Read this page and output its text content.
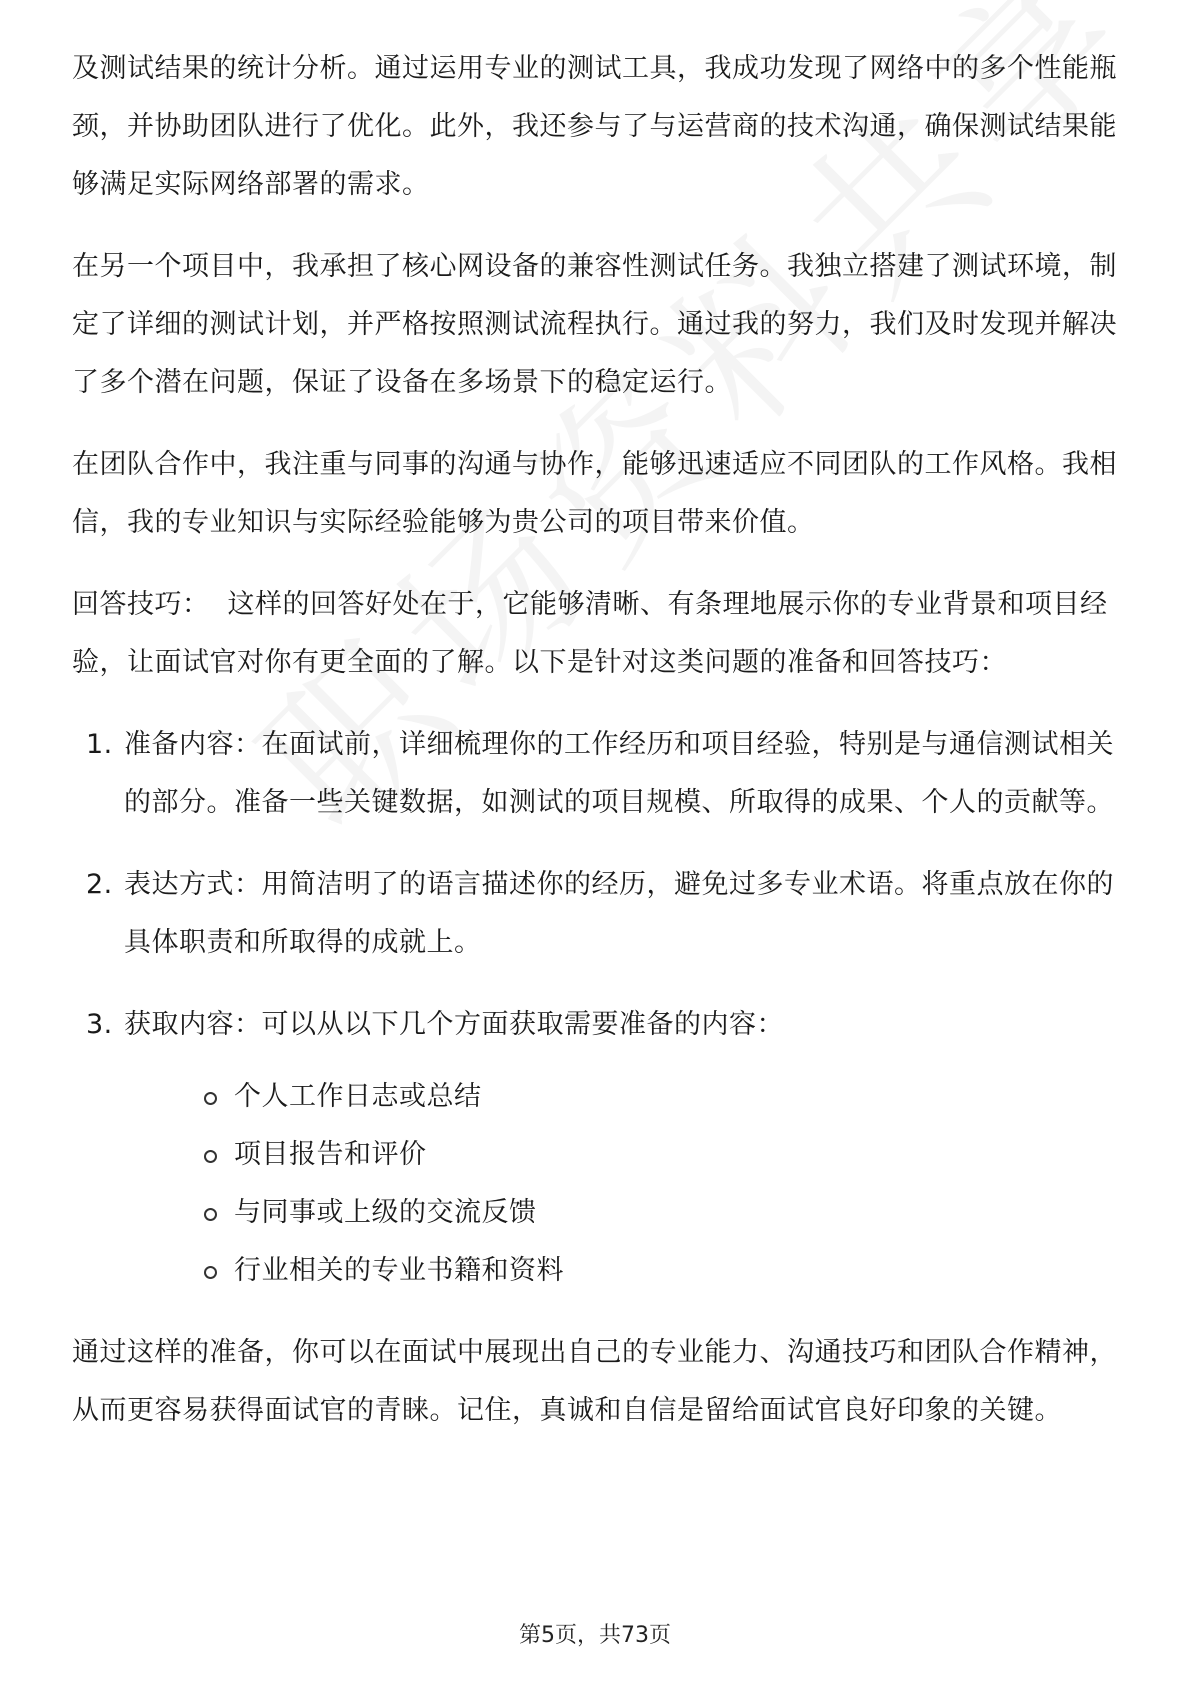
及测试结果的统计分析。通过运用专业的测试工具，我成功发现了网络中的多个性能瓶颈，并协助团队进行了优化。此外，我还参与了与运营商的技术沟通，确保测试结果能够满足实际网络部署的需求。

在另一个项目中，我承担了核心网设备的兼容性测试任务。我独立搭建了测试环境，制定了详细的测试计划，并严格按照测试流程执行。通过我的努力，我们及时发现并解决了多个潜在问题，保证了设备在多场景下的稳定运行。

在团队合作中，我注重与同事的沟通与协作，能够迅速适应不同团队的工作风格。我相信，我的专业知识与实际经验能够为贵公司的项目带来价值。

回答技巧： 这样的回答好处在于，它能够清晰、有条理地展示你的专业背景和项目经验，让面试官对你有更全面的了解。以下是针对这类问题的准备和回答技巧：

1. 准备内容：在面试前，详细梳理你的工作经历和项目经验，特别是与通信测试相关的部分。准备一些关键数据，如测试的项目规模、所取得的成果、个人的贡献等。
2. 表达方式：用简洁明了的语言描述你的经历，避免过多专业术语。将重点放在你的具体职责和所取得的成就上。
3. 获取内容：可以从以下几个方面获取需要准备的内容：
个人工作日志或总结
项目报告和评价
与同事或上级的交流反馈
行业相关的专业书籍和资料

通过这样的准备，你可以在面试中展现出自己的专业能力、沟通技巧和团队合作精神，从而更容易获得面试官的青睐。记住，真诚和自信是留给面试官良好印象的关键。

第5页，共73页
